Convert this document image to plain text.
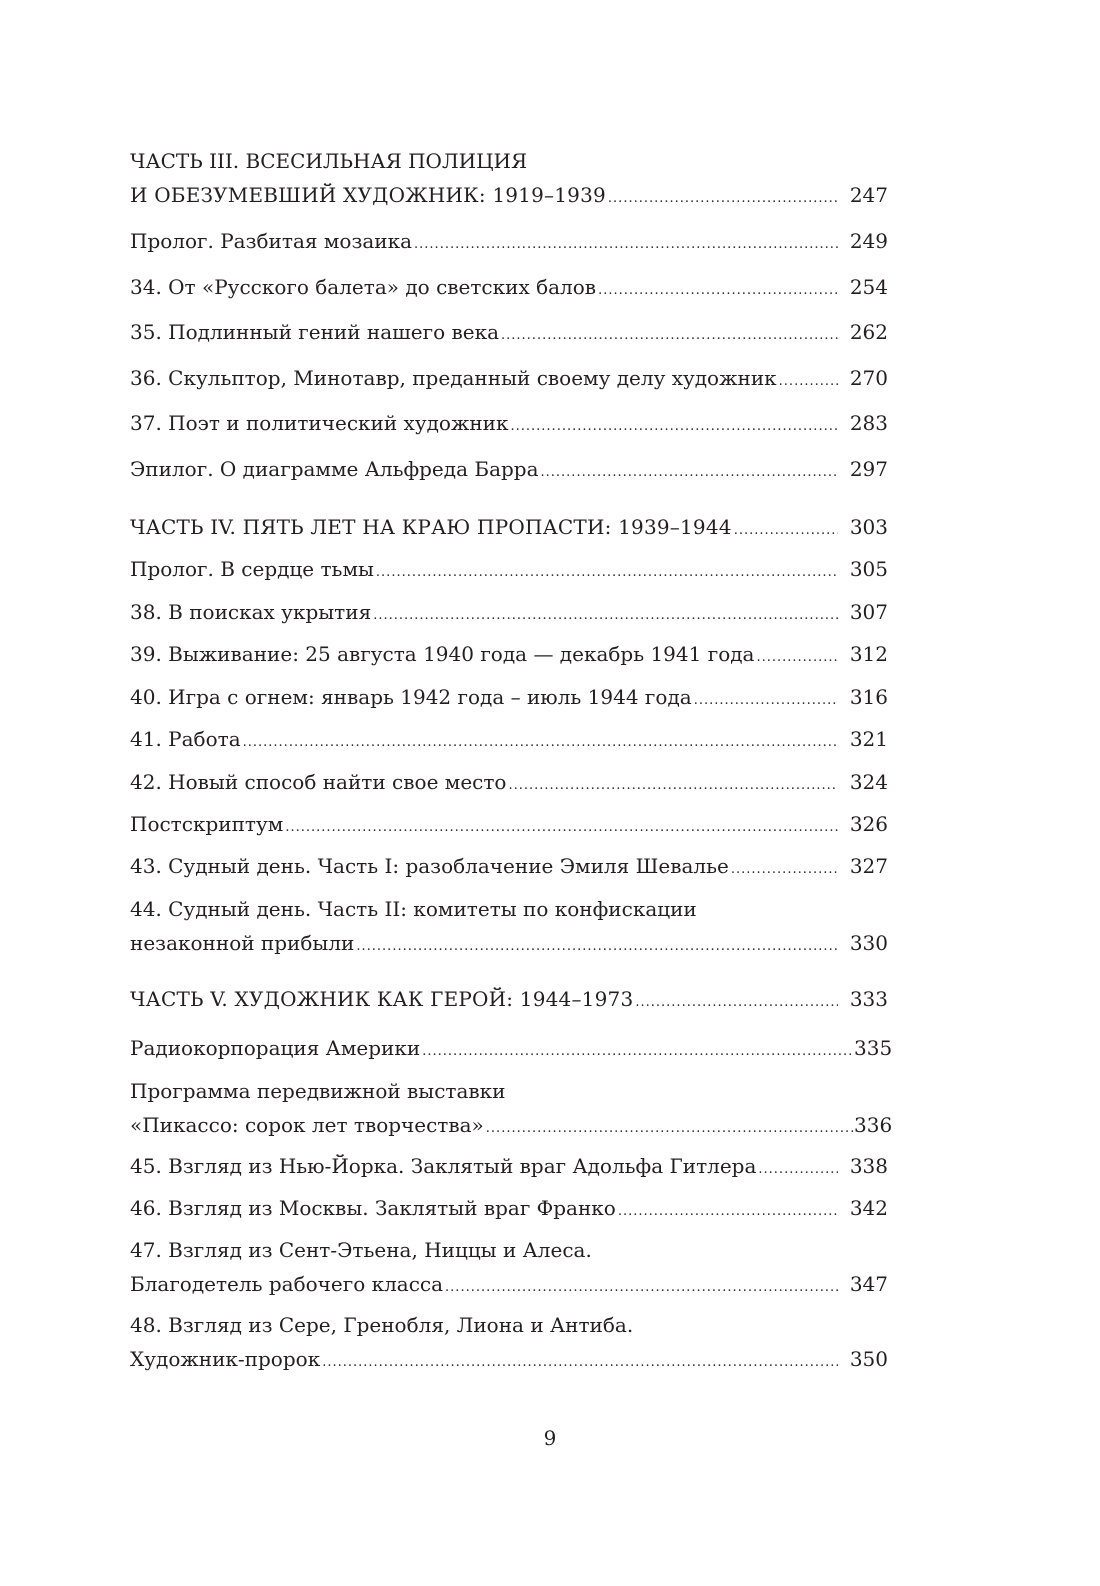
ЧАСТЬ III. ВСЕСИЛЬНАЯ ПОЛИЦИЯ
И ОБЕЗУМЕВШИЙ ХУДОЖНИК: 1919–1939 .....	247
Пролог. Разбитая мозаика .....	249
34. От «Русского балета» до светских балов .....	254
35. Подлинный гений нашего века .....	262
36. Скульптор, Минотавр, преданный своему делу художник .....	270
37. Поэт и политический художник .....	283
Эпилог. О диаграмме Альфреда Барра .....	297
ЧАСТЬ IV. ПЯТЬ ЛЕТ НА КРАЮ ПРОПАСТИ: 1939–1944 .....	303
Пролог. В сердце тьмы .....	305
38. В поисках укрытия .....	307
39. Выживание: 25 августа 1940 года — декабрь 1941 года .....	312
40. Игра с огнем: январь 1942 года – июль 1944 года .....	316
41. Работа .....	321
42. Новый способ найти свое место .....	324
Постскриптум .....	326
43. Судный день. Часть I: разоблачение Эмиля Шевалье .....	327
44. Судный день. Часть II: комитеты по конфискации
незаконной прибыли .....	330
ЧАСТЬ V. ХУДОЖНИК КАК ГЕРОЙ: 1944–1973 .....	333
Радиокорпорация Америки .....	335
Программа передвижной выставки
«Пикассо: сорок лет творчества» .....	336
45. Взгляд из Нью-Йорка. Заклятый враг Адольфа Гитлера .....	338
46. Взгляд из Москвы. Заклятый враг Франко .....	342
47. Взгляд из Сент-Этьена, Ниццы и Алеса.
Благодетель рабочего класса .....	347
48. Взгляд из Сере, Гренобля, Лиона и Антиба.
Художник-пророк .....	350
9
